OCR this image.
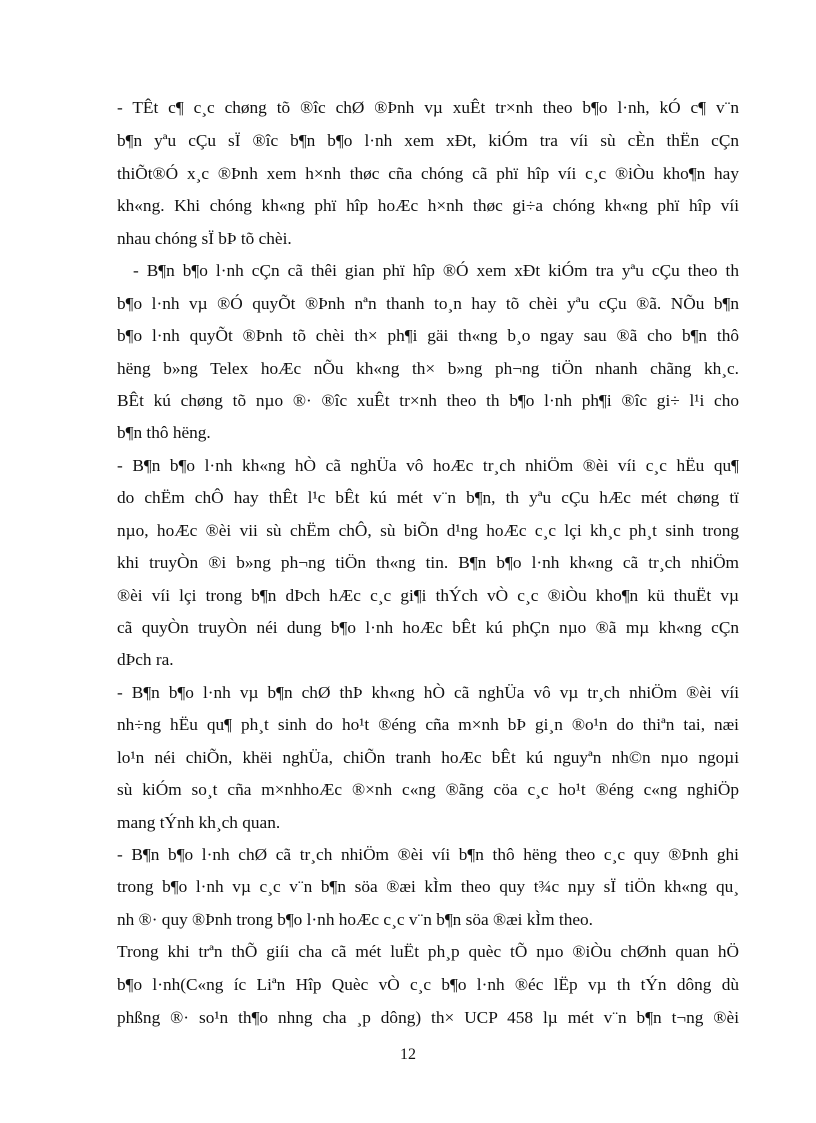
- TÊt c¶ c¸c chøng tõ ®îc chØ ®Þnh vµ xuÊt tr×nh theo b¶o l·nh, kÓ c¶ v¨n
b¶n yªu cÇu sÏ ®îc b¶n b¶o l·nh xem xÐt, kiÓm tra víi sù cÈn thËn cÇn
thiÕt®Ó x¸c ®Þnh xem h×nh thøc cña chóng cã phï hîp víi c¸c ®iÒu kho¶n hay
kh«ng. Khi chóng kh«ng phï hîp hoÆc h×nh thøc gi÷a chóng kh«ng phï hîp víi
nhau chóng sÏ bÞ tõ chèi.
- B¶n b¶o l·nh cÇn cã thêi gian phï hîp ®Ó xem xÐt kiÓm tra yªu cÇu theo th
b¶o l·nh vµ ®Ó quyÕt ®Þnh nªn thanh to¸n hay tõ chèi yªu cÇu ®ã. NÕu b¶n
b¶o l·nh quyÕt ®Þnh tõ chèi th× ph¶i gäi th«ng b¸o ngay sau ®ã cho b¶n thô
hëng b»ng Telex hoÆc nÕu kh«ng th× b»ng ph¬ng tiÖn nhanh chãng kh¸c.
BÊt kú chøng tõ nµo ®· ®îc xuÊt tr×nh theo th b¶o l·nh ph¶i ®îc gi÷ l¹i cho
b¶n thô hëng.
- B¶n b¶o l·nh kh«ng hÒ cã nghÜa vô hoÆc tr¸ch nhiÖm ®èi víi c¸c hËu qu¶
do chËm chÔ hay thÊt l¹c bÊt kú mét v¨n b¶n, th yªu cÇu hÆc mét chøng tï
nµo, hoÆc ®èi vii sù chËm chÔ, sù biÕn d¹ng hoÆc c¸c lçi kh¸c ph¸t sinh trong
khi truyÒn ®i b»ng ph¬ng tiÖn th«ng tin. B¶n b¶o l·nh kh«ng cã tr¸ch nhiÖm
®èi víi lçi trong b¶n dÞch hÆc c¸c gi¶i thÝch vÒ c¸c ®iÒu kho¶n kü thuËt vµ
cã quyÒn truyÒn néi dung b¶o l·nh hoÆc bÊt kú phÇn nµo ®ã mµ kh«ng cÇn
dÞch ra.
- B¶n b¶o l·nh vµ b¶n chØ thÞ kh«ng hÒ cã nghÜa vô vµ tr¸ch nhiÖm ®èi víi
nh÷ng hËu qu¶ ph¸t sinh do ho¹t ®éng cña m×nh bÞ gi¸n ®o¹n do thiªn tai, næi
lo¹n néi chiÕn, khëi nghÜa, chiÕn tranh hoÆc bÊt kú nguyªn nh©n nµo ngoµi
sù kiÓm so¸t cña m×nhhoÆc ®×nh c«ng ®ãng cöa c¸c ho¹t ®éng c«ng nghiÖp
mang tÝnh kh¸ch quan.
- B¶n b¶o l·nh chØ cã tr¸ch nhiÖm ®èi víi b¶n thô hëng theo c¸c quy ®Þnh ghi
trong b¶o l·nh vµ c¸c v¨n b¶n söa ®æi kÌm theo quy t¾c nµy sÏ tiÖn kh«ng qu¸
nh ®· quy ®Þnh trong b¶o l·nh hoÆc c¸c v¨n b¶n söa ®æi kÌm theo.
Trong khi trªn thÕ giíi cha cã mét luËt ph¸p quèc tÕ nµo ®iÒu chØnh quan hÖ
b¶o l·nh(C«ng íc Liªn Hîp Quèc vÒ c¸c b¶o l·nh ®éc lËp vµ th tÝn dông dù
phßng ®· so¹n th¶o nhng cha ¸p dông) th× UCP 458 lµ mét v¨n b¶n t¬ng ®èi
12
